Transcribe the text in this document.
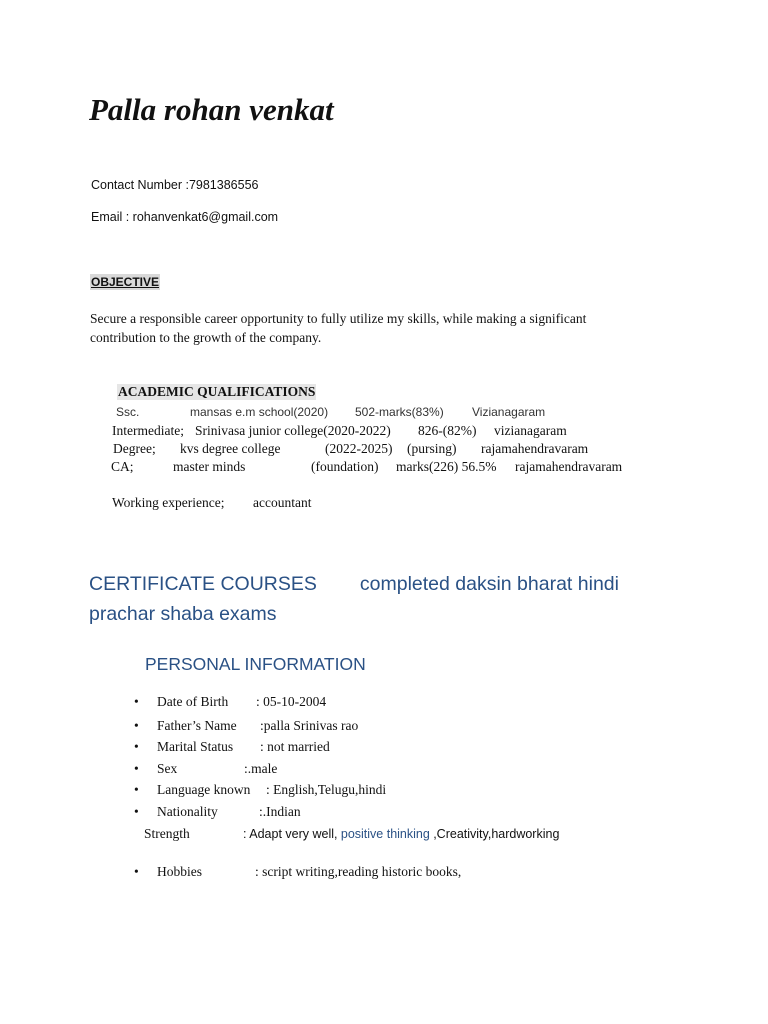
Palla rohan venkat
Contact Number :7981386556
Email : rohanvenkat6@gmail.com
OBJECTIVE
Secure a responsible career opportunity to fully utilize my skills, while making a significant contribution to the growth of the company.
ACADEMIC QUALIFICATIONS
Ssc.	mansas e.m school(2020) 502-marks(83%) Vizianagaram
Intermediate; Srinivasa junior college(2020-2022) 826-(82%) vizianagaram
Degree; kvs degree college	(2022-2025) (pursing) rajamahendravaram
CA;	master minds	(foundation) marks(226) 56.5% rajamahendravaram
Working experience; accountant
CERTIFICATE COURSES completed daksin bharat hindi prachar shaba exams
PERSONAL INFORMATION
• Date of Birth : 05-10-2004
• Father’s Name :palla Srinivas rao
• Marital Status : not married
• Sex	:.male
• Language known : English,Telugu,hindi
• Nationality	:.Indian
Strength	: Adapt very well, positive thinking ,Creativity,hardworking
• Hobbies	: script writing,reading historic books,
